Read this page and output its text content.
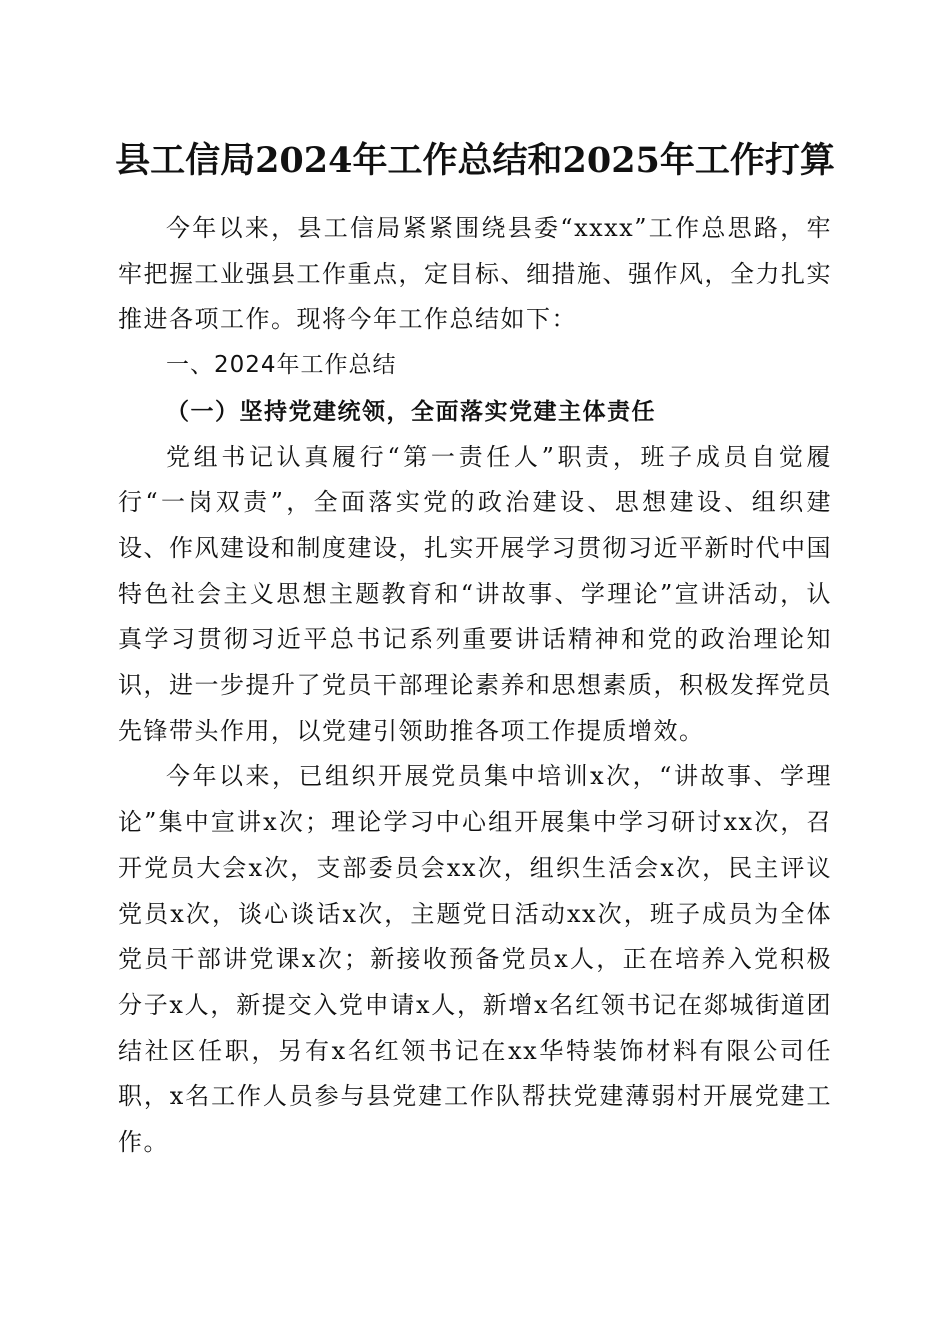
县工信局2024年工作总结和2025年工作打算

今年以来，县工信局紧紧围绕县委“xxxx”工作总思路，牢牢把握工业强县工作重点，定目标、细措施、强作风，全力扎实推进各项工作。现将今年工作总结如下：

一、2024年工作总结

（一）坚持党建统领，全面落实党建主体责任

党组书记认真履行“第一责任人”职责，班子成员自觉履行“一岗双责”，全面落实党的政治建设、思想建设、组织建设、作风建设和制度建设，扎实开展学习贯彻习近平新时代中国特色社会主义思想主题教育和“讲故事、学理论”宣讲活动，认真学习贯彻习近平总书记系列重要讲话精神和党的政治理论知识，进一步提升了党员干部理论素养和思想素质，积极发挥党员先锋带头作用，以党建引领助推各项工作提质增效。

今年以来，已组织开展党员集中培训x次，“讲故事、学理论”集中宣讲x次；理论学习中心组开展集中学习研讨xx次，召开党员大会x次，支部委员会xx次，组织生活会x次，民主评议党员x次，谈心谈话x次，主题党日活动xx次，班子成员为全体党员干部讲党课x次；新接收预备党员x人，正在培养入党积极分子x人，新提交入党申请x人，新增x名红领书记在郯城街道团结社区任职，另有x名红领书记在xx华特装饰材料有限公司任职，x名工作人员参与县党建工作队帮扶党建薄弱村开展党建工作。
